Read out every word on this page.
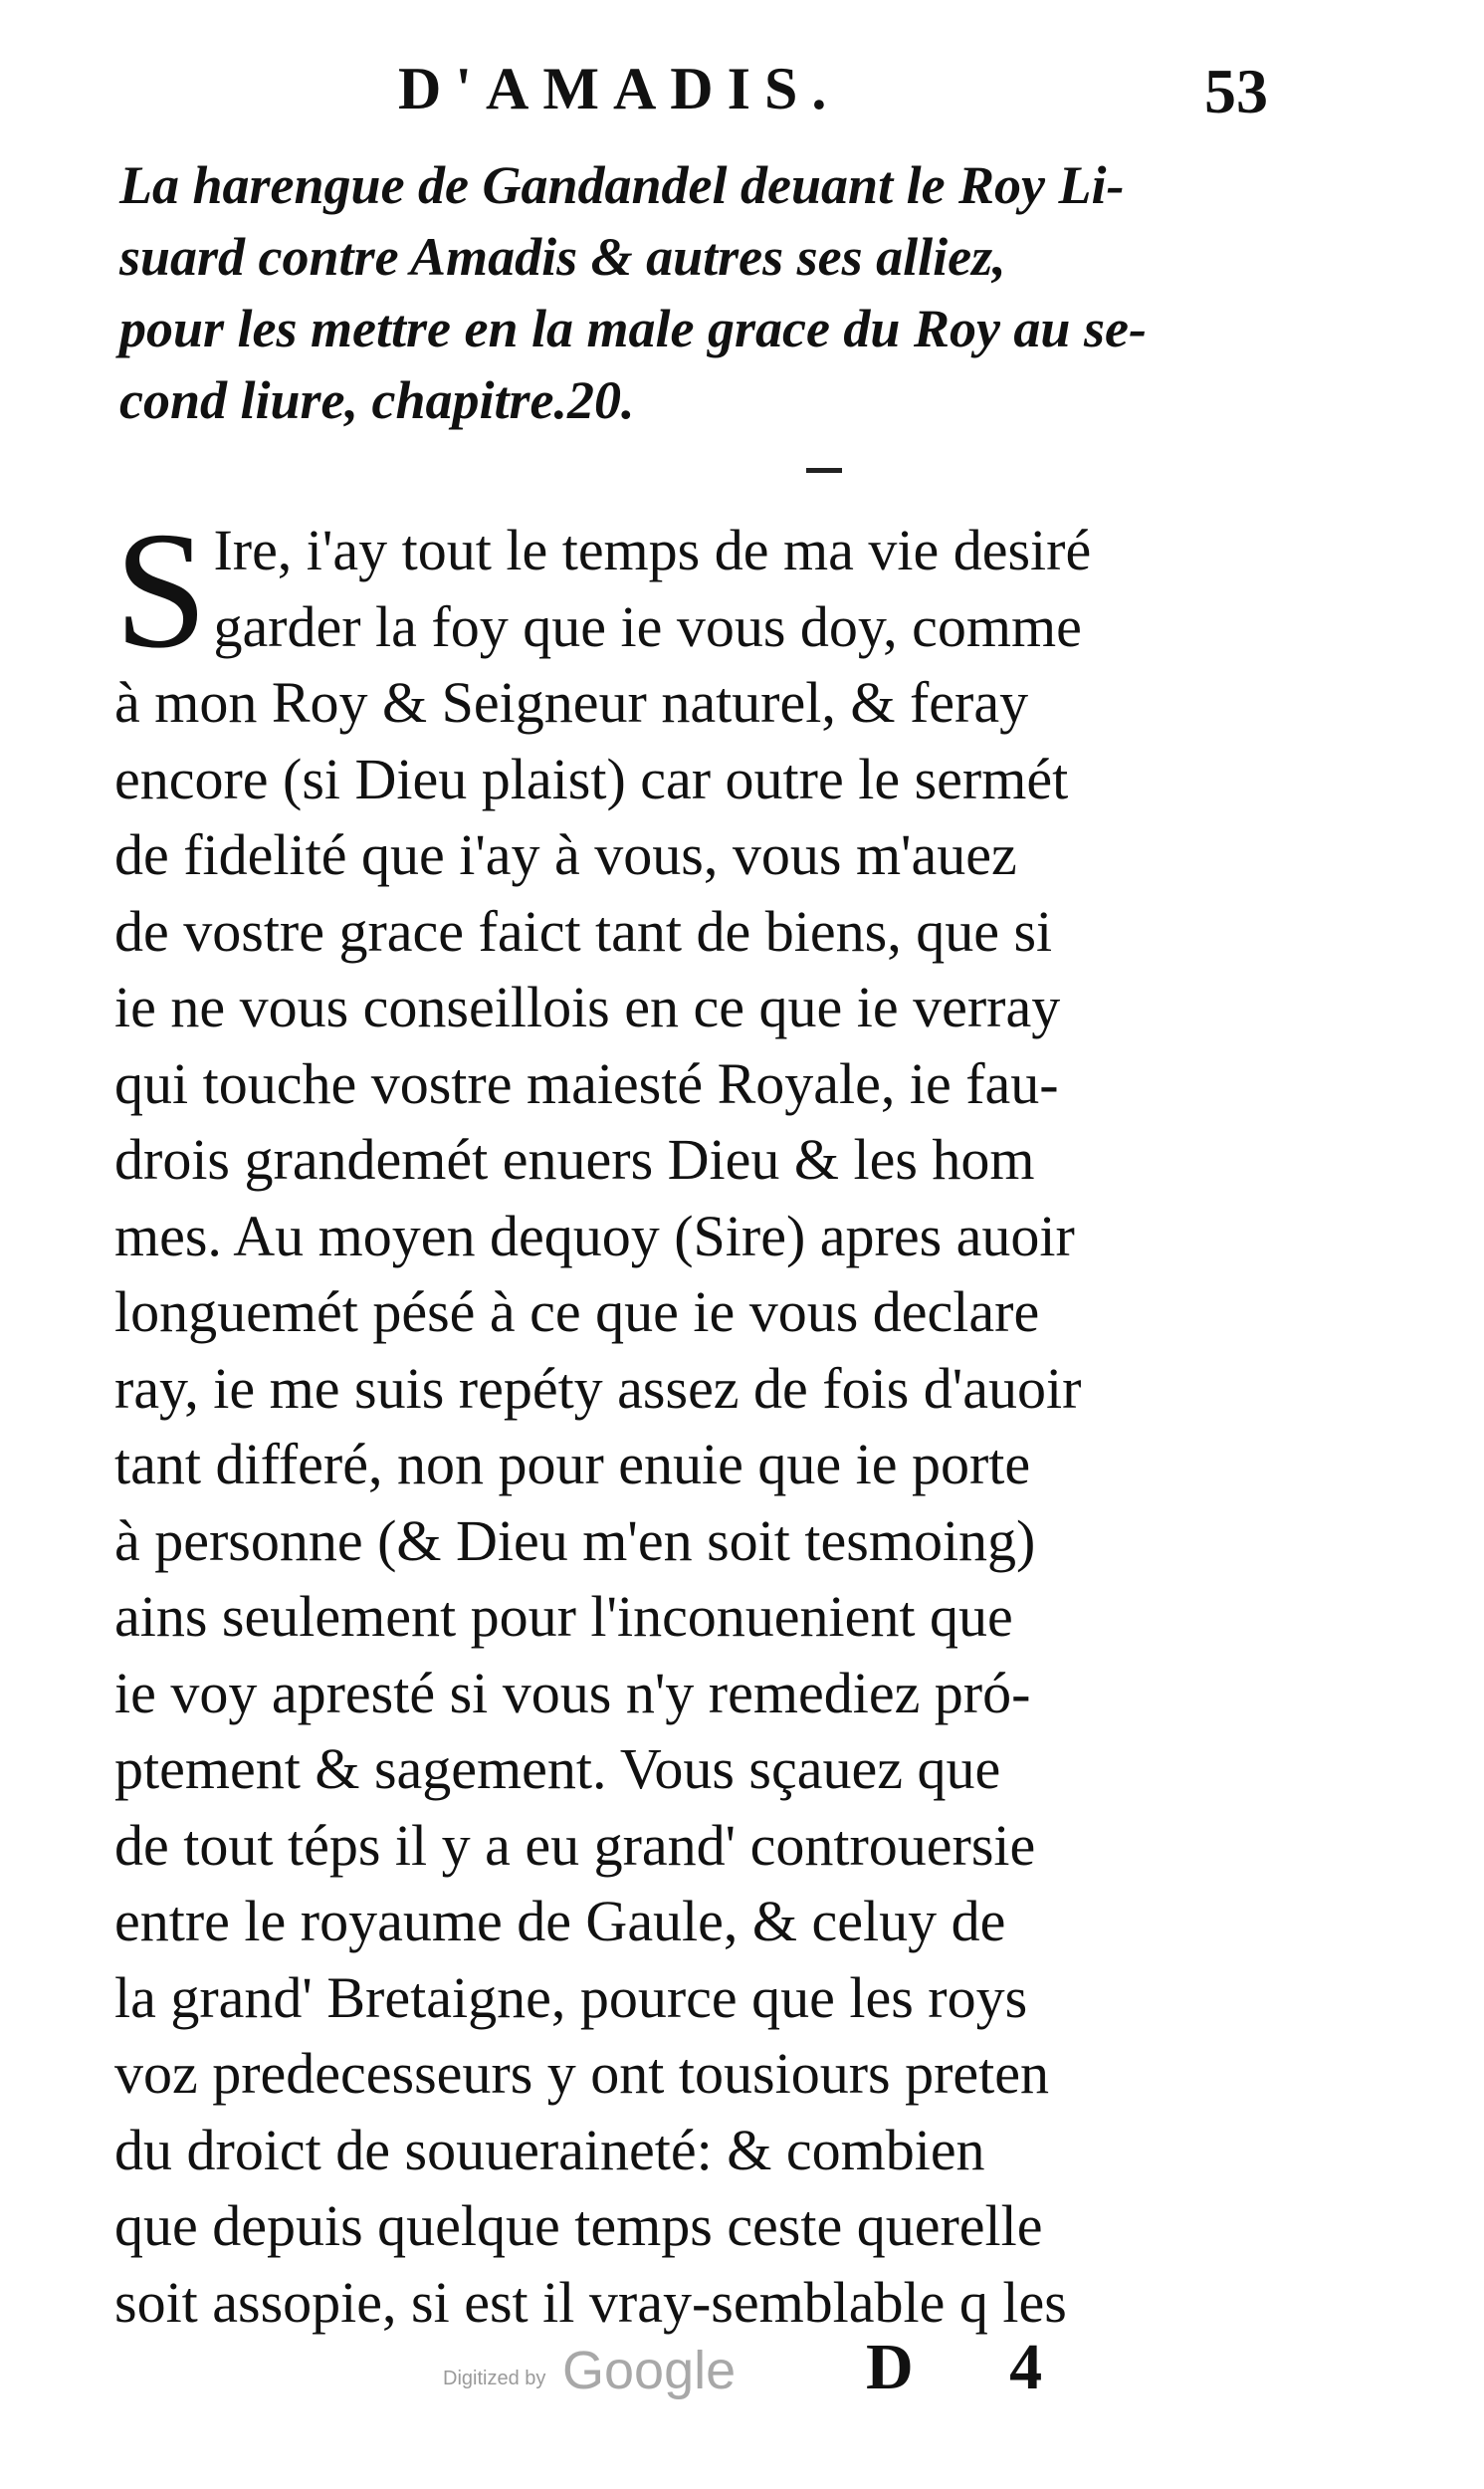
D'AMADIS.	53
La harengue de Gandandel deuant le Roy Li-
suard contre Amadis & autres ses alliez,
pour les mettre en la male grace du Roy au se-
cond liure, chapitre.20.
S Ire, i'ay tout le temps de ma vie desiré
garder la foy que ie vous doy, comme
à mon Roy & Seigneur naturel, & feray
encore (si Dieu plaist) car outre le sermét
de fidelité que i'ay à vous, vous m'auez
de vostre grace faict tant de biens, que si
ie ne vous conseillois en ce que ie verray
qui touche vostre maiesté Royale, ie fau-
drois grandemét enuers Dieu & les hom
mes. Au moyen dequoy (Sire) apres auoir
longuemét pésé à ce que ie vous declare
ray, ie me suis repéty assez de fois d'auoir
tant differé, non pour enuie que ie porte
à personne (& Dieu m'en soit tesmoing)
ains seulement pour l'inconuenient que
ie voy apresté si vous n'y remediez pró-
ptement & sagement. Vous sçauez que
de tout téps il y a eu grand' controuersie
entre le royaume de Gaule, & celuy de
la grand' Bretaigne, pource que les roys
voz predecesseurs y ont tousiours preten
du droict de souueraineté: & combien
que depuis quelque temps ceste querelle
soit assopie, si est il vray-semblable q les
Digitized by Google D 4
